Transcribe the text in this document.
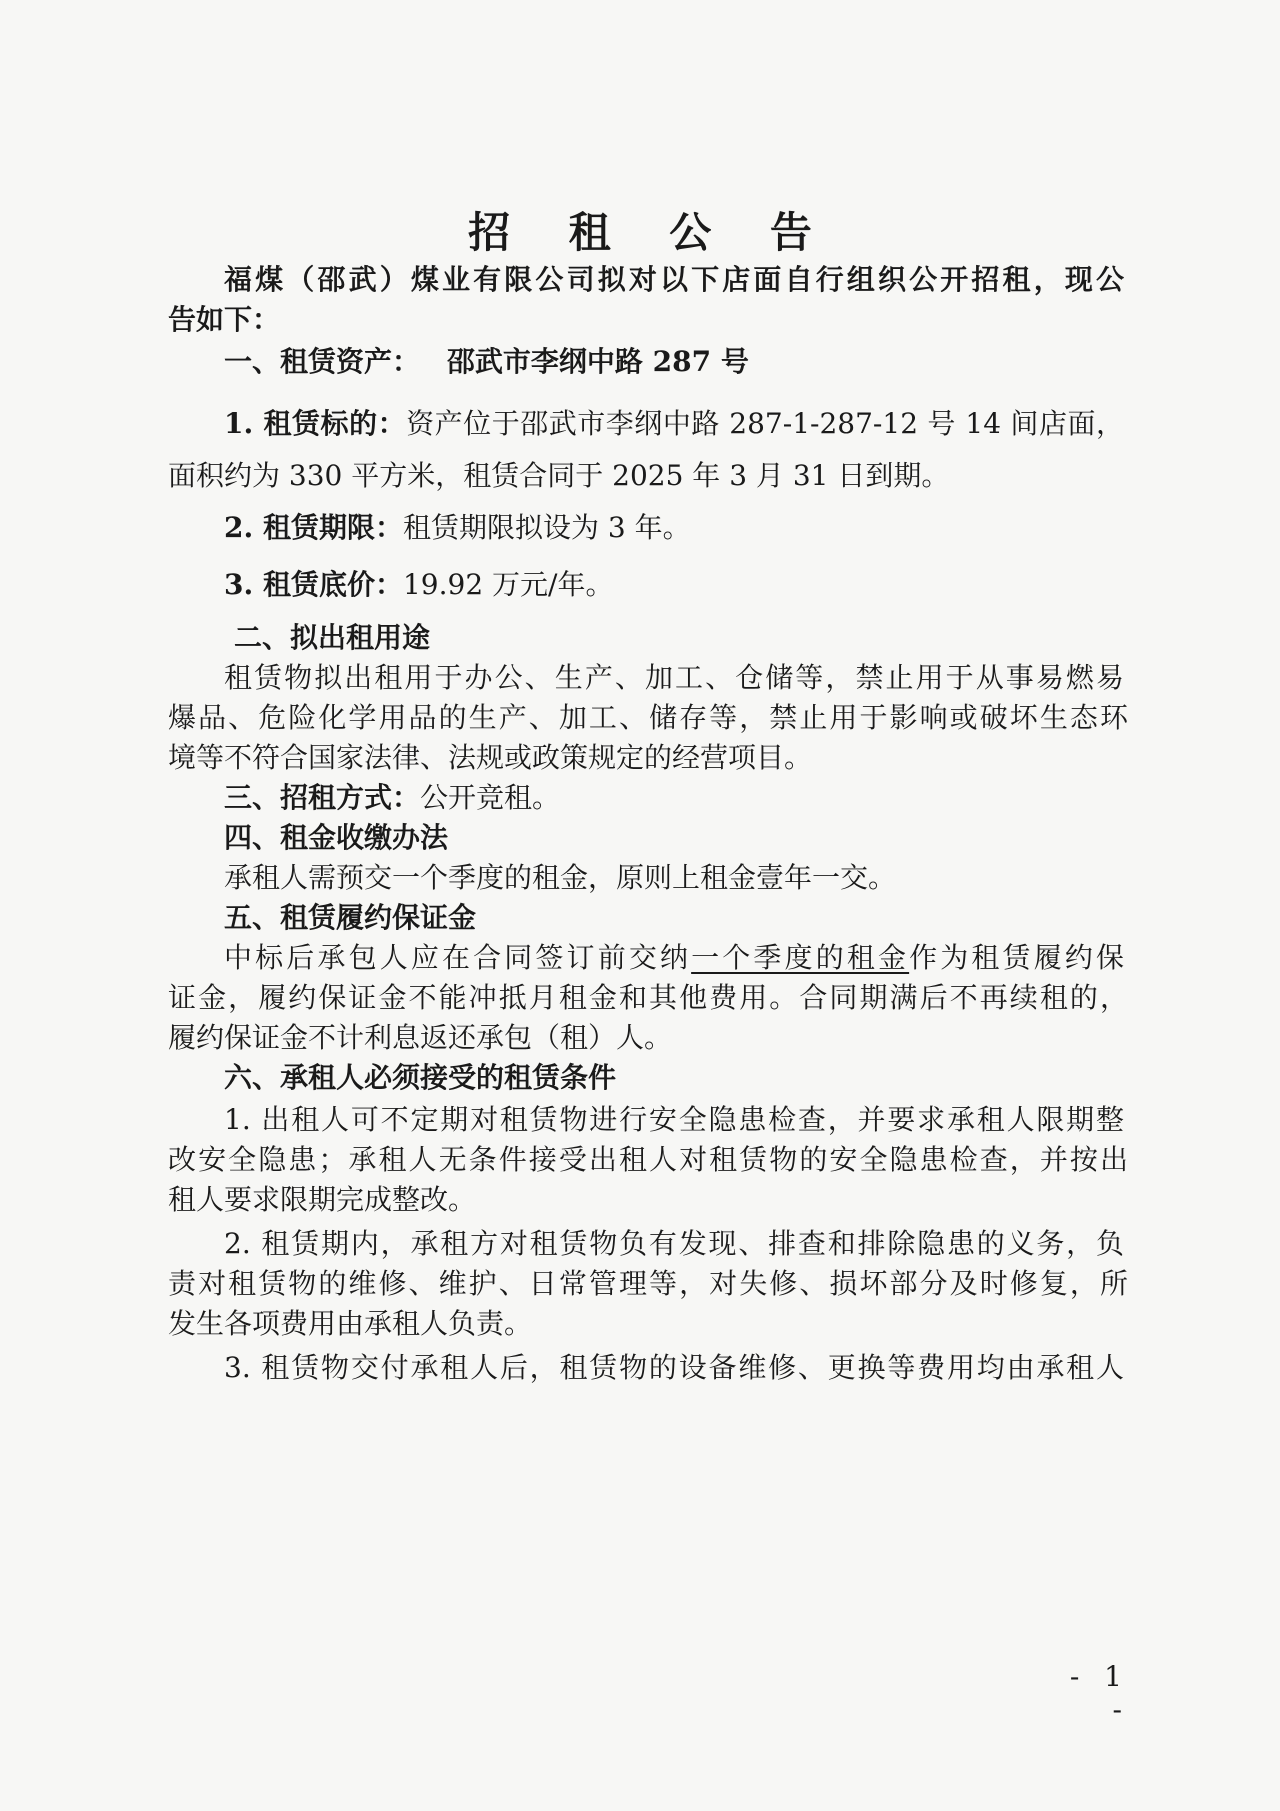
招 租 公 告
福煤（邵武）煤业有限公司拟对以下店面自行组织公开招租，现公
告如下：
一、租赁资产： 邵武市李纲中路 287 号
1. 租赁标的：资产位于邵武市李纲中路 287-1-287-12 号 14 间店面，
面积约为 330 平方米，租赁合同于 2025 年 3 月 31 日到期。
2. 租赁期限：租赁期限拟设为 3 年。
3. 租赁底价：19.92 万元/年。
二、拟出租用途
租赁物拟出租用于办公、生产、加工、仓储等，禁止用于从事易燃易
爆品、危险化学用品的生产、加工、储存等，禁止用于影响或破坏生态环
境等不符合国家法律、法规或政策规定的经营项目。
三、招租方式：公开竞租。
四、租金收缴办法
承租人需预交一个季度的租金，原则上租金壹年一交。
五、租赁履约保证金
中标后承包人应在合同签订前交纳一个季度的租金作为租赁履约保
证金，履约保证金不能冲抵月租金和其他费用。合同期满后不再续租的，
履约保证金不计利息返还承包（租）人。
六、承租人必须接受的租赁条件
1. 出租人可不定期对租赁物进行安全隐患检查，并要求承租人限期整
改安全隐患；承租人无条件接受出租人对租赁物的安全隐患检查，并按出
租人要求限期完成整改。
2. 租赁期内，承租方对租赁物负有发现、排查和排除隐患的义务，负
责对租赁物的维修、维护、日常管理等，对失修、损坏部分及时修复，所
发生各项费用由承租人负责。
3. 租赁物交付承租人后，租赁物的设备维修、更换等费用均由承租人
- 1 -
